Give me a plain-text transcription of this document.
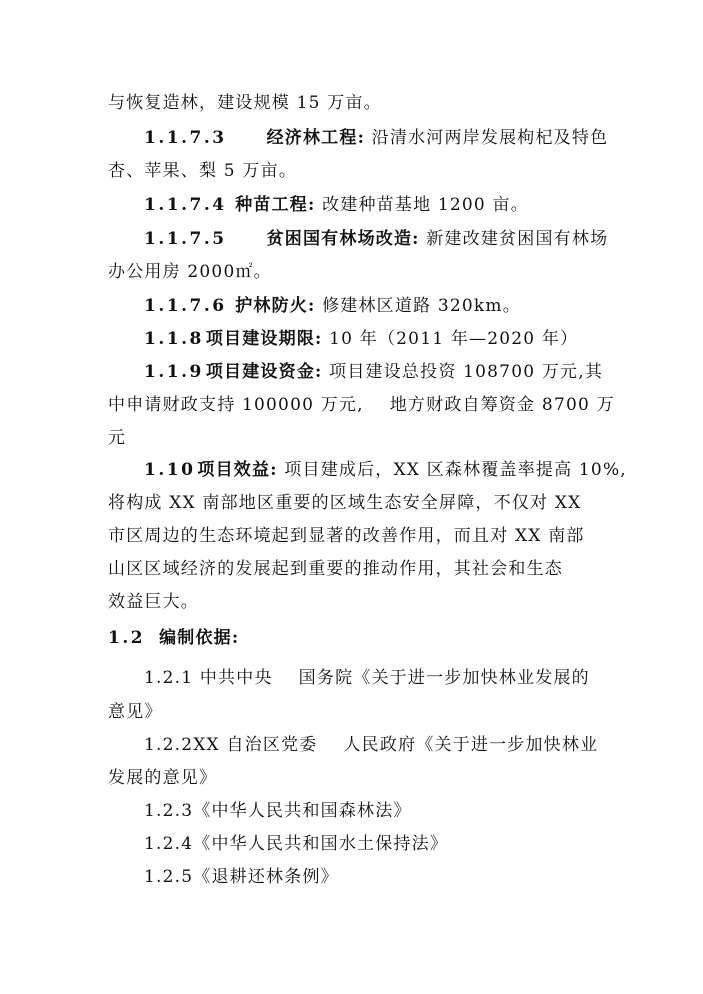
与恢复造林，建设规模 15 万亩。
1.1.7.3 经济林工程: 沿清水河两岸发展枸杞及特色
杏、苹果、梨 5 万亩。
1.1.7.4 种苗工程: 改建种苗基地 1200 亩。
1.1.7.5 贫困国有林场改造: 新建改建贫困国有林场
办公用房 2000㎡。
1.1.7.6 护林防火: 修建林区道路 320km。
1.1.8 项目建设期限: 10 年（2011 年—2020 年）
1.1.9 项目建设资金: 项目建设总投资 108700 万元,其
中申请财政支持 100000 万元, 地方财政自筹资金 8700 万
元
1.10 项目效益: 项目建成后，XX 区森林覆盖率提高 10%,
将构成 XX 南部地区重要的区域生态安全屏障，不仅对 XX
市区周边的生态环境起到显著的改善作用，而且对 XX 南部
山区区域经济的发展起到重要的推动作用，其社会和生态
效益巨大。
1.2 编制依据:
1.2.1 中共中央 国务院《关于进一步加快林业发展的
意见》
1.2.2XX 自治区党委 人民政府《关于进一步加快林业
发展的意见》
1.2.3《中华人民共和国森林法》
1.2.4《中华人民共和国水土保持法》
1.2.5《退耕还林条例》
